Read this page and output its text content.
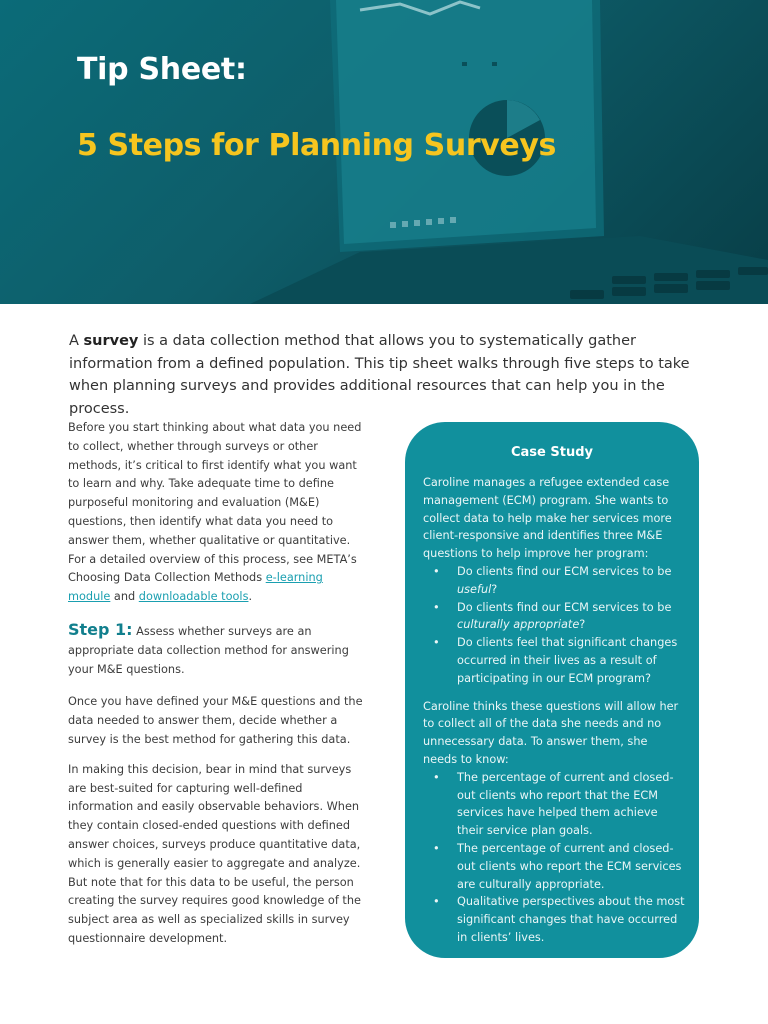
Tip Sheet:
5 Steps for Planning Surveys

A survey is a data collection method that allows you to systematically gather information from a defined population. This tip sheet walks through five steps to take when planning surveys and provides additional resources that can help you in the process.

Before you start thinking about what data you need to collect, whether through surveys or other methods, it’s critical to first identify what you want to learn and why. Take adequate time to define purposeful monitoring and evaluation (M&E) questions, then identify what data you need to answer them, whether qualitative or quantitative. For a detailed overview of this process, see META’s Choosing Data Collection Methods e-learning module and downloadable tools.

Step 1: Assess whether surveys are an appropriate data collection method for answering your M&E questions.

Once you have defined your M&E questions and the data needed to answer them, decide whether a survey is the best method for gathering this data.

In making this decision, bear in mind that surveys are best-suited for capturing well-defined information and easily observable behaviors. When they contain closed-ended questions with defined answer choices, surveys produce quantitative data, which is generally easier to aggregate and analyze. But note that for this data to be useful, the person creating the survey requires good knowledge of the subject area as well as specialized skills in survey questionnaire development.

Case Study

Caroline manages a refugee extended case management (ECM) program. She wants to collect data to help make her services more client-responsive and identifies three M&E questions to help improve her program:

• Do clients find our ECM services to be useful?
• Do clients find our ECM services to be culturally appropriate?
• Do clients feel that significant changes occurred in their lives as a result of participating in our ECM program?

Caroline thinks these questions will allow her to collect all of the data she needs and no unnecessary data. To answer them, she needs to know:

• The percentage of current and closed-out clients who report that the ECM services have helped them achieve their service plan goals.
• The percentage of current and closed-out clients who report the ECM services are culturally appropriate.
• Qualitative perspectives about the most significant changes that have occurred in clients’ lives.
